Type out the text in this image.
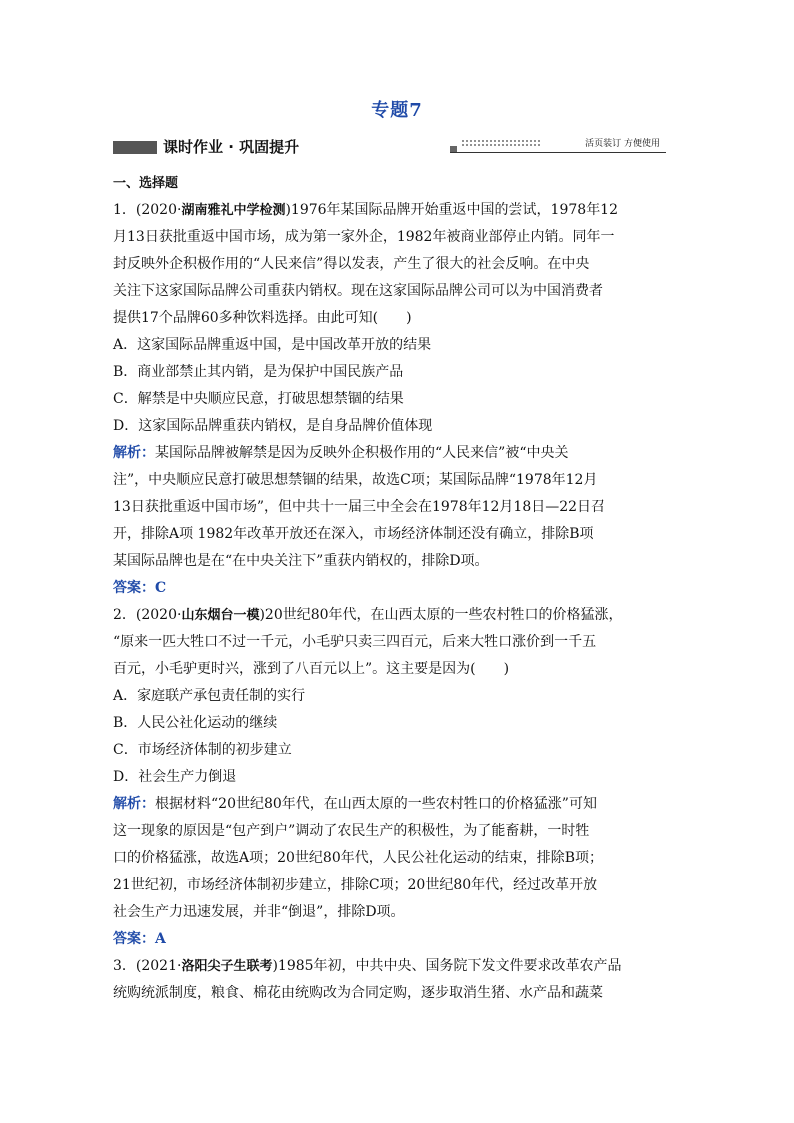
专题7
课时作业 · 巩固提升	活页装订 方便使用
一、选择题
1．(2020·湖南雅礼中学检测)1976年某国际品牌开始重返中国的尝试，1978年12
月13日获批重返中国市场，成为第一家外企，1982年被商业部停止内销。同年一
封反映外企积极作用的“人民来信”得以发表，产生了很大的社会反响。在中央
关注下这家国际品牌公司重获内销权。现在这家国际品牌公司可以为中国消费者
提供17个品牌60多种饮料选择。由此可知(　　)
A．这家国际品牌重返中国，是中国改革开放的结果
B．商业部禁止其内销，是为保护中国民族产品
C．解禁是中央顺应民意，打破思想禁锢的结果
D．这家国际品牌重获内销权，是自身品牌价值体现
解析：某国际品牌被解禁是因为反映外企积极作用的“人民来信”被“中央关
注”，中央顺应民意打破思想禁锢的结果，故选C项；某国际品牌“1978年12月
13日获批重返中国市场”，但中共十一届三中全会在1978年12月18日—22日召
开，排除A项 1982年改革开放还在深入，市场经济体制还没有确立，排除B项
某国际品牌也是在“在中央关注下”重获内销权的，排除D项。
答案：C
2．(2020·山东烟台一模)20世纪80年代，在山西太原的一些农村牲口的价格猛涨，
“原来一匹大牲口不过一千元，小毛驴只卖三四百元，后来大牲口涨价到一千五
百元，小毛驴更时兴，涨到了八百元以上”。这主要是因为(　　)
A．家庭联产承包责任制的实行
B．人民公社化运动的继续
C．市场经济体制的初步建立
D．社会生产力倒退
解析：根据材料“20世纪80年代，在山西太原的一些农村牲口的价格猛涨”可知
这一现象的原因是“包产到户”调动了农民生产的积极性，为了能畜耕，一时牲
口的价格猛涨，故选A项；20世纪80年代，人民公社化运动的结束，排除B项；
21世纪初，市场经济体制初步建立，排除C项；20世纪80年代，经过改革开放
社会生产力迅速发展，并非“倒退”，排除D项。
答案：A
3．(2021·洛阳尖子生联考)1985年初，中共中央、国务院下发文件要求改革农产品
统购统派制度，粮食、棉花由统购改为合同定购，逐步取消生猪、水产品和蔬菜
